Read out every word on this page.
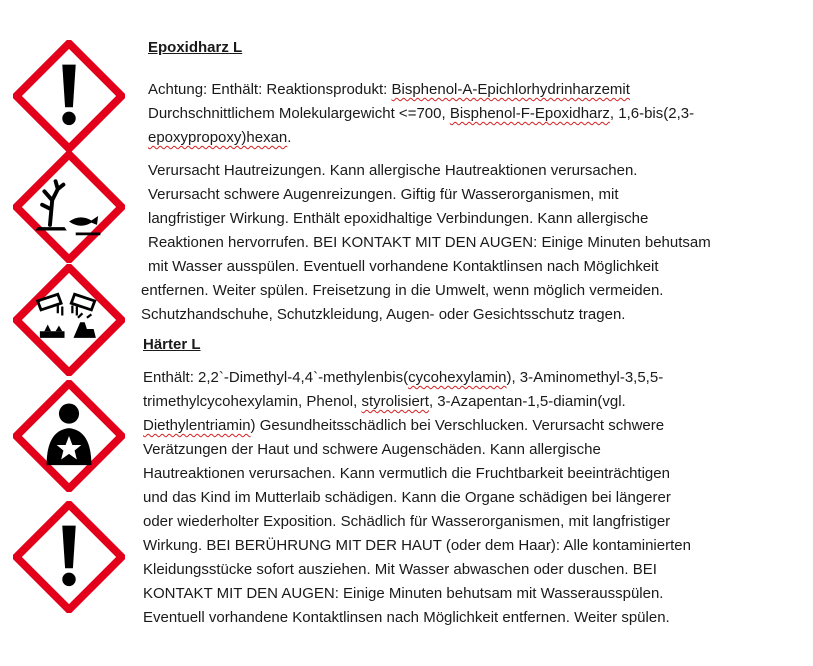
Epoxidharz L
Achtung: Enthält: Reaktionsprodukt: Bisphenol-A-Epichlorhydrinharzemit
Durchschnittlichem Molekulargewicht <=700, Bisphenol-F-Epoxidharz, 1,6-bis(2,3-
epoxypropoxy)hexan.
Verursacht Hautreizungen. Kann allergische Hautreaktionen verursachen.
Verursacht schwere Augenreizungen. Giftig für Wasserorganismen, mit
langfristiger Wirkung. Enthält epoxidhaltige Verbindungen. Kann allergische
Reaktionen hervorrufen. BEI KONTAKT MIT DEN AUGEN: Einige Minuten behutsam
mit Wasser ausspülen. Eventuell vorhandene Kontaktlinsen nach Möglichkeit
entfernen. Weiter spülen. Freisetzung in die Umwelt, wenn möglich vermeiden.
Schutzhandschuhe, Schutzkleidung, Augen- oder Gesichtsschutz tragen.
Härter L
Enthält: 2,2`-Dimethyl-4,4`-methylenbis(cycohexylamin), 3-Aminomethyl-3,5,5-
trimethylcycohexylamin, Phenol, styrolisiert, 3-Azapentan-1,5-diamin(vgl.
Diethylentriamin) Gesundheitsschädlich bei Verschlucken. Verursacht schwere
Verätzungen der Haut und schwere Augenschäden. Kann allergische
Hautreaktionen verursachen. Kann vermutlich die Fruchtbarkeit beeinträchtigen
und das Kind im Mutterlaib schädigen. Kann die Organe schädigen bei längerer
oder wiederholter Exposition. Schädlich für Wasserorganismen, mit langfristiger
Wirkung. BEI BERÜHRUNG MIT DER HAUT (oder dem Haar): Alle kontaminierten
Kleidungsstücke sofort ausziehen. Mit Wasser abwaschen oder duschen. BEI
KONTAKT MIT DEN AUGEN: Einige Minuten behutsam mit Wasserausspülen.
Eventuell vorhandene Kontaktlinsen nach Möglichkeit entfernen. Weiter spülen.
